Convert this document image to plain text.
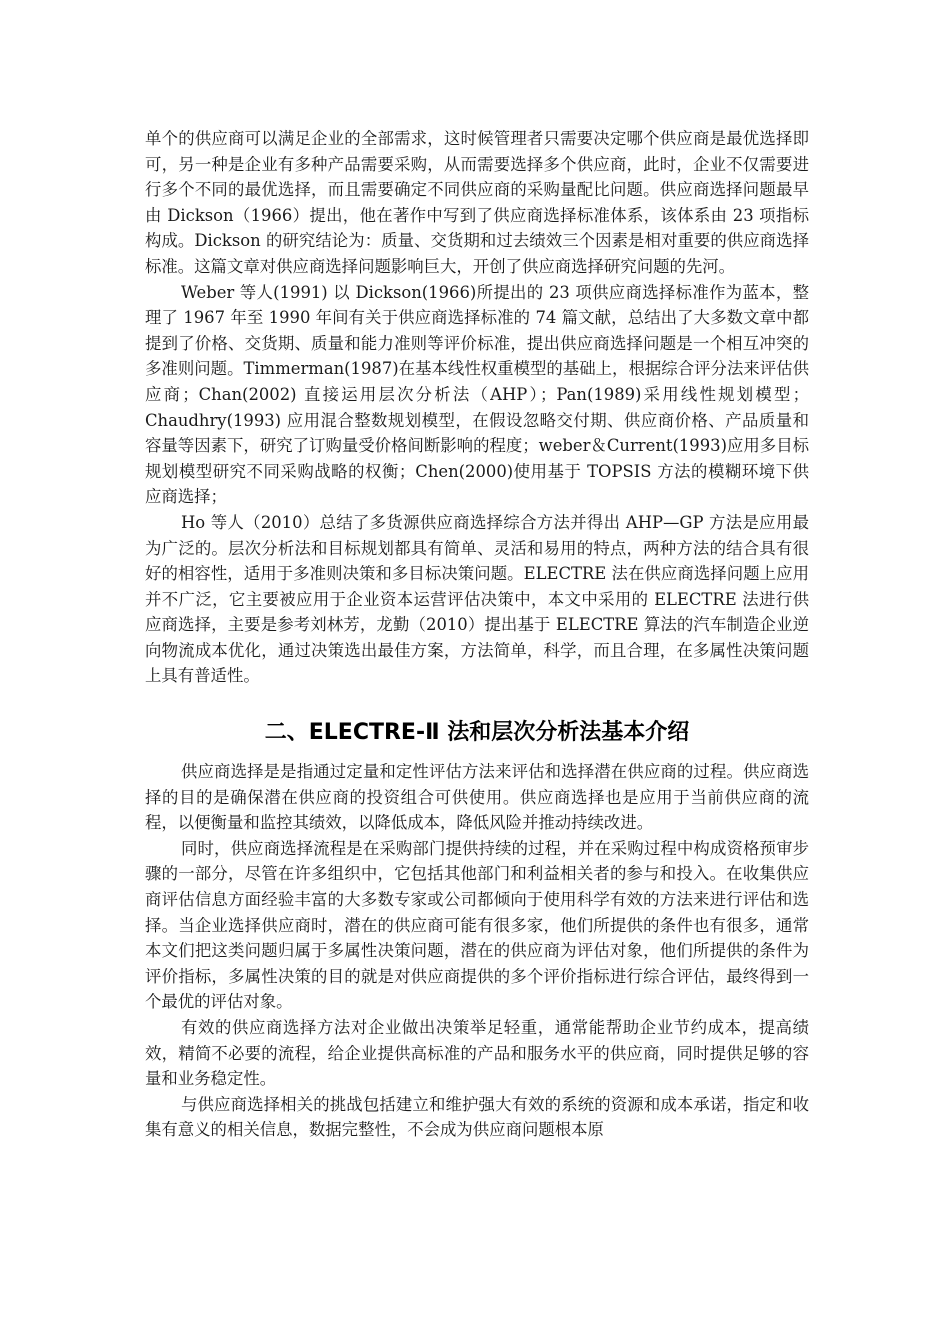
单个的供应商可以满足企业的全部需求，这时候管理者只需要决定哪个供应商是最优选择即可，另一种是企业有多种产品需要采购，从而需要选择多个供应商，此时，企业不仅需要进行多个不同的最优选择，而且需要确定不同供应商的采购量配比问题。供应商选择问题最早由 Dickson（1966）提出，他在著作中写到了供应商选择标准体系，该体系由 23 项指标构成。Dickson 的研究结论为：质量、交货期和过去绩效三个因素是相对重要的供应商选择标准。这篇文章对供应商选择问题影响巨大，开创了供应商选择研究问题的先河。

Weber 等人(1991) 以 Dickson(1966)所提出的 23 项供应商选择标准作为蓝本，整理了 1967 年至 1990 年间有关于供应商选择标准的 74 篇文献，总结出了大多数文章中都提到了价格、交货期、质量和能力准则等评价标准，提出供应商选择问题是一个相互冲突的多准则问题。Timmerman(1987)在基本线性权重模型的基础上，根据综合评分法来评估供应商；Chan(2002) 直接运用层次分析法（AHP）；Pan(1989)采用线性规划模型；Chaudhry(1993) 应用混合整数规划模型，在假设忽略交付期、供应商价格、产品质量和容量等因素下，研究了订购量受价格间断影响的程度；weber＆Current(1993)应用多目标规划模型研究不同采购战略的权衡；Chen(2000)使用基于 TOPSIS 方法的模糊环境下供应商选择；

Ho 等人（2010）总结了多货源供应商选择综合方法并得出 AHP—GP 方法是应用最为广泛的。层次分析法和目标规划都具有简单、灵活和易用的特点，两种方法的结合具有很好的相容性，适用于多准则决策和多目标决策问题。ELECTRE 法在供应商选择问题上应用并不广泛，它主要被应用于企业资本运营评估决策中，本文中采用的 ELECTRE 法进行供应商选择，主要是参考刘林芳，龙勤（2010）提出基于 ELECTRE 算法的汽车制造企业逆向物流成本优化，通过决策选出最佳方案，方法简单，科学，而且合理，在多属性决策问题上具有普适性。

二、ELECTRE-Ⅱ 法和层次分析法基本介绍

供应商选择是是指通过定量和定性评估方法来评估和选择潜在供应商的过程。供应商选择的目的是确保潜在供应商的投资组合可供使用。供应商选择也是应用于当前供应商的流程，以便衡量和监控其绩效，以降低成本，降低风险并推动持续改进。

同时，供应商选择流程是在采购部门提供持续的过程，并在采购过程中构成资格预审步骤的一部分，尽管在许多组织中，它包括其他部门和利益相关者的参与和投入。在收集供应商评估信息方面经验丰富的大多数专家或公司都倾向于使用科学有效的方法来进行评估和选择。当企业选择供应商时，潜在的供应商可能有很多家，他们所提供的条件也有很多，通常本文们把这类问题归属于多属性决策问题，潜在的供应商为评估对象，他们所提供的条件为评价指标，多属性决策的目的就是对供应商提供的多个评价指标进行综合评估，最终得到一个最优的评估对象。

有效的供应商选择方法对企业做出决策举足轻重，通常能帮助企业节约成本，提高绩效，精简不必要的流程，给企业提供高标准的产品和服务水平的供应商，同时提供足够的容量和业务稳定性。

与供应商选择相关的挑战包括建立和维护强大有效的系统的资源和成本承诺，指定和收集有意义的相关信息，数据完整性，不会成为供应商问题根本原
